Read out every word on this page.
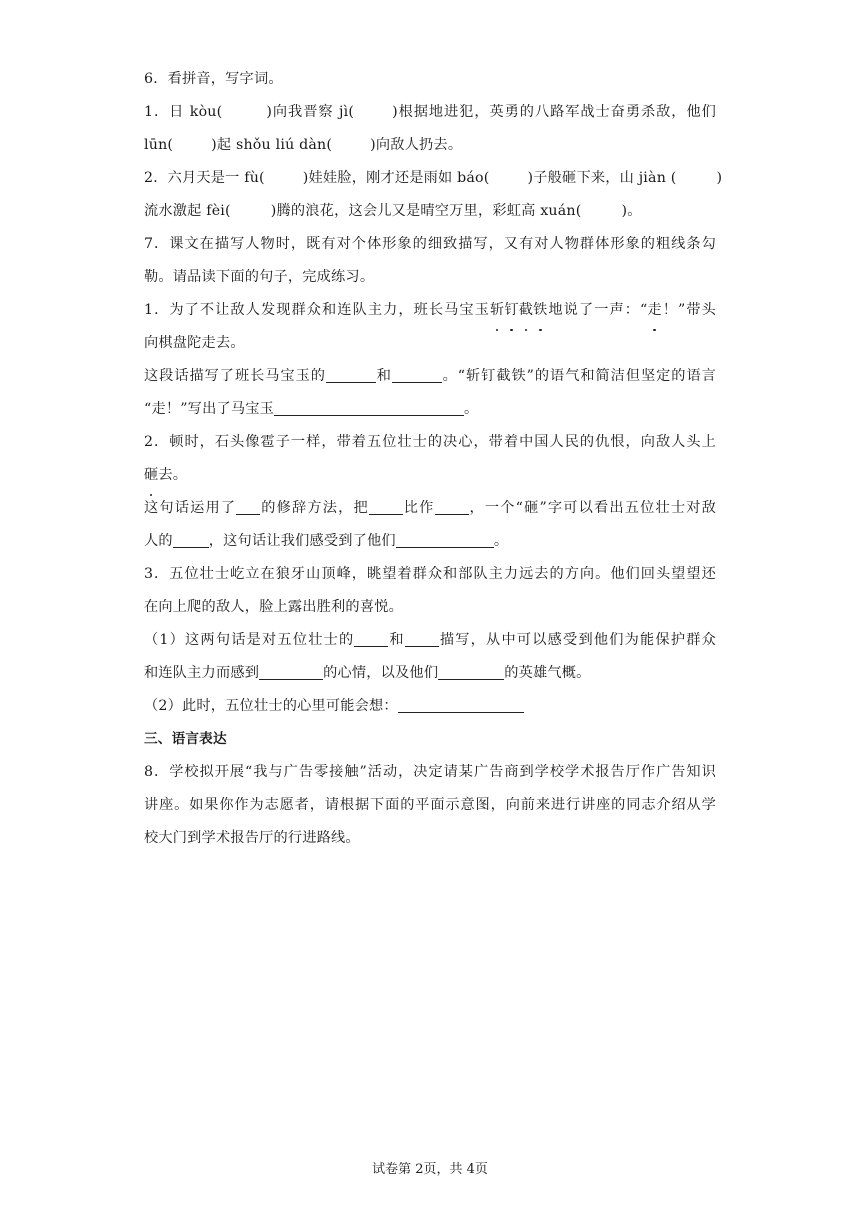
6．看拼音，写字词。
1．日 kòu(	)向我晋察 jì(	)根据地进犯，英勇的八路军战士奋勇杀敌，他们
lūn(	)起 shǒu liú dàn(	)向敌人扔去。
2．六月天是一 fù(	)娃娃脸，刚才还是雨如 báo(	)子般砸下来，山 jiàn (	)
流水激起 fèi(	)腾的浪花，这会儿又是晴空万里，彩虹高 xuán(	)。
7．课文在描写人物时，既有对个体形象的细致描写，又有对人物群体形象的粗线条勾
勒。请品读下面的句子，完成练习。
1．为了不让敌人发现群众和连队主力，班长马宝玉斩钉截铁地说了一声：“走！”带头
向棋盘陀走去。
这段话描写了班长马宝玉的	和	。“斩钉截铁”的语气和简洁但坚定的语言
“走！”写出了马宝玉	。
2．顿时，石头像雹子一样，带着五位壮士的决心，带着中国人民的仇恨，向敌人头上
砸去。
这句话运用了 的修辞方法，把 比作 ，一个“砸”字可以看出五位壮士对敌
人的	，这句话让我们感受到了他们	。
3．五位壮士屹立在狼牙山顶峰，眺望着群众和部队主力远去的方向。他们回头望望还
在向上爬的敌人，脸上露出胜利的喜悦。
（1）这两句话是对五位壮士的 和 描写，从中可以感受到他们为能保护群众
和连队主力而感到	的心情，以及他们	的英雄气概。
（2）此时，五位壮士的心里可能会想：
三、语言表达
8．学校拟开展“我与广告零接触”活动，决定请某广告商到学校学术报告厅作广告知识
讲座。如果你作为志愿者，请根据下面的平面示意图，向前来进行讲座的同志介绍从学
校大门到学术报告厅的行进路线。
试卷第 2页，共 4页
